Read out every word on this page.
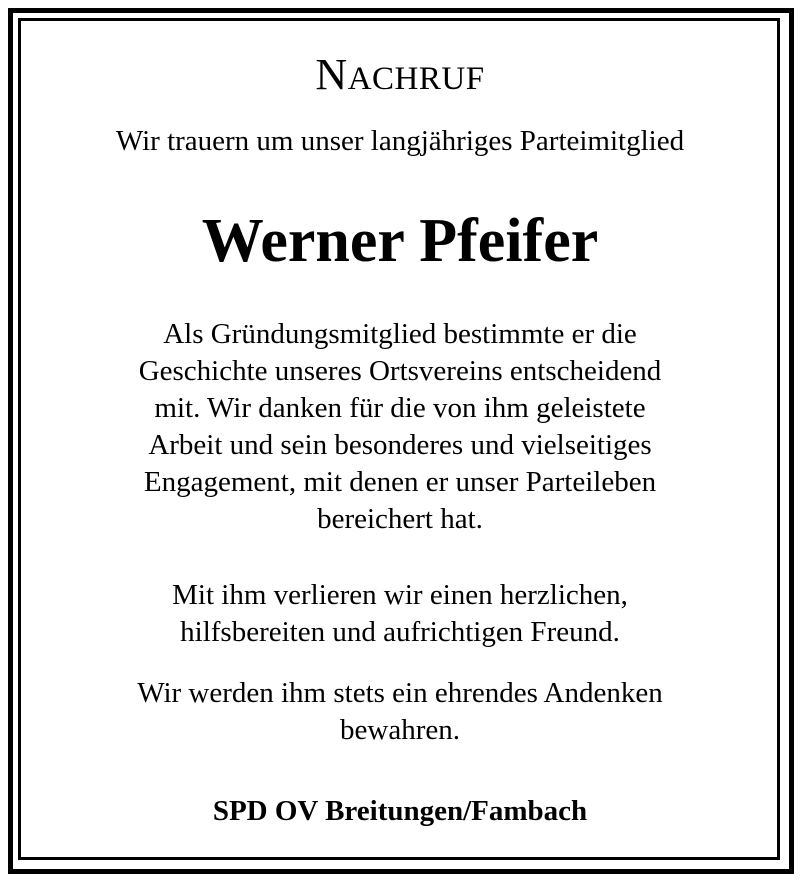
NACHRUF
Wir trauern um unser langjähriges Parteimitglied
Werner Pfeifer
Als Gründungsmitglied bestimmte er die
Geschichte unseres Ortsvereins entscheidend
mit. Wir danken für die von ihm geleistete
Arbeit und sein besonderes und vielseitiges
Engagement, mit denen er unser Parteileben
bereichert hat.
Mit ihm verlieren wir einen herzlichen,
hilfsbereiten und aufrichtigen Freund.
Wir werden ihm stets ein ehrendes Andenken
bewahren.
SPD OV Breitungen/Fambach
